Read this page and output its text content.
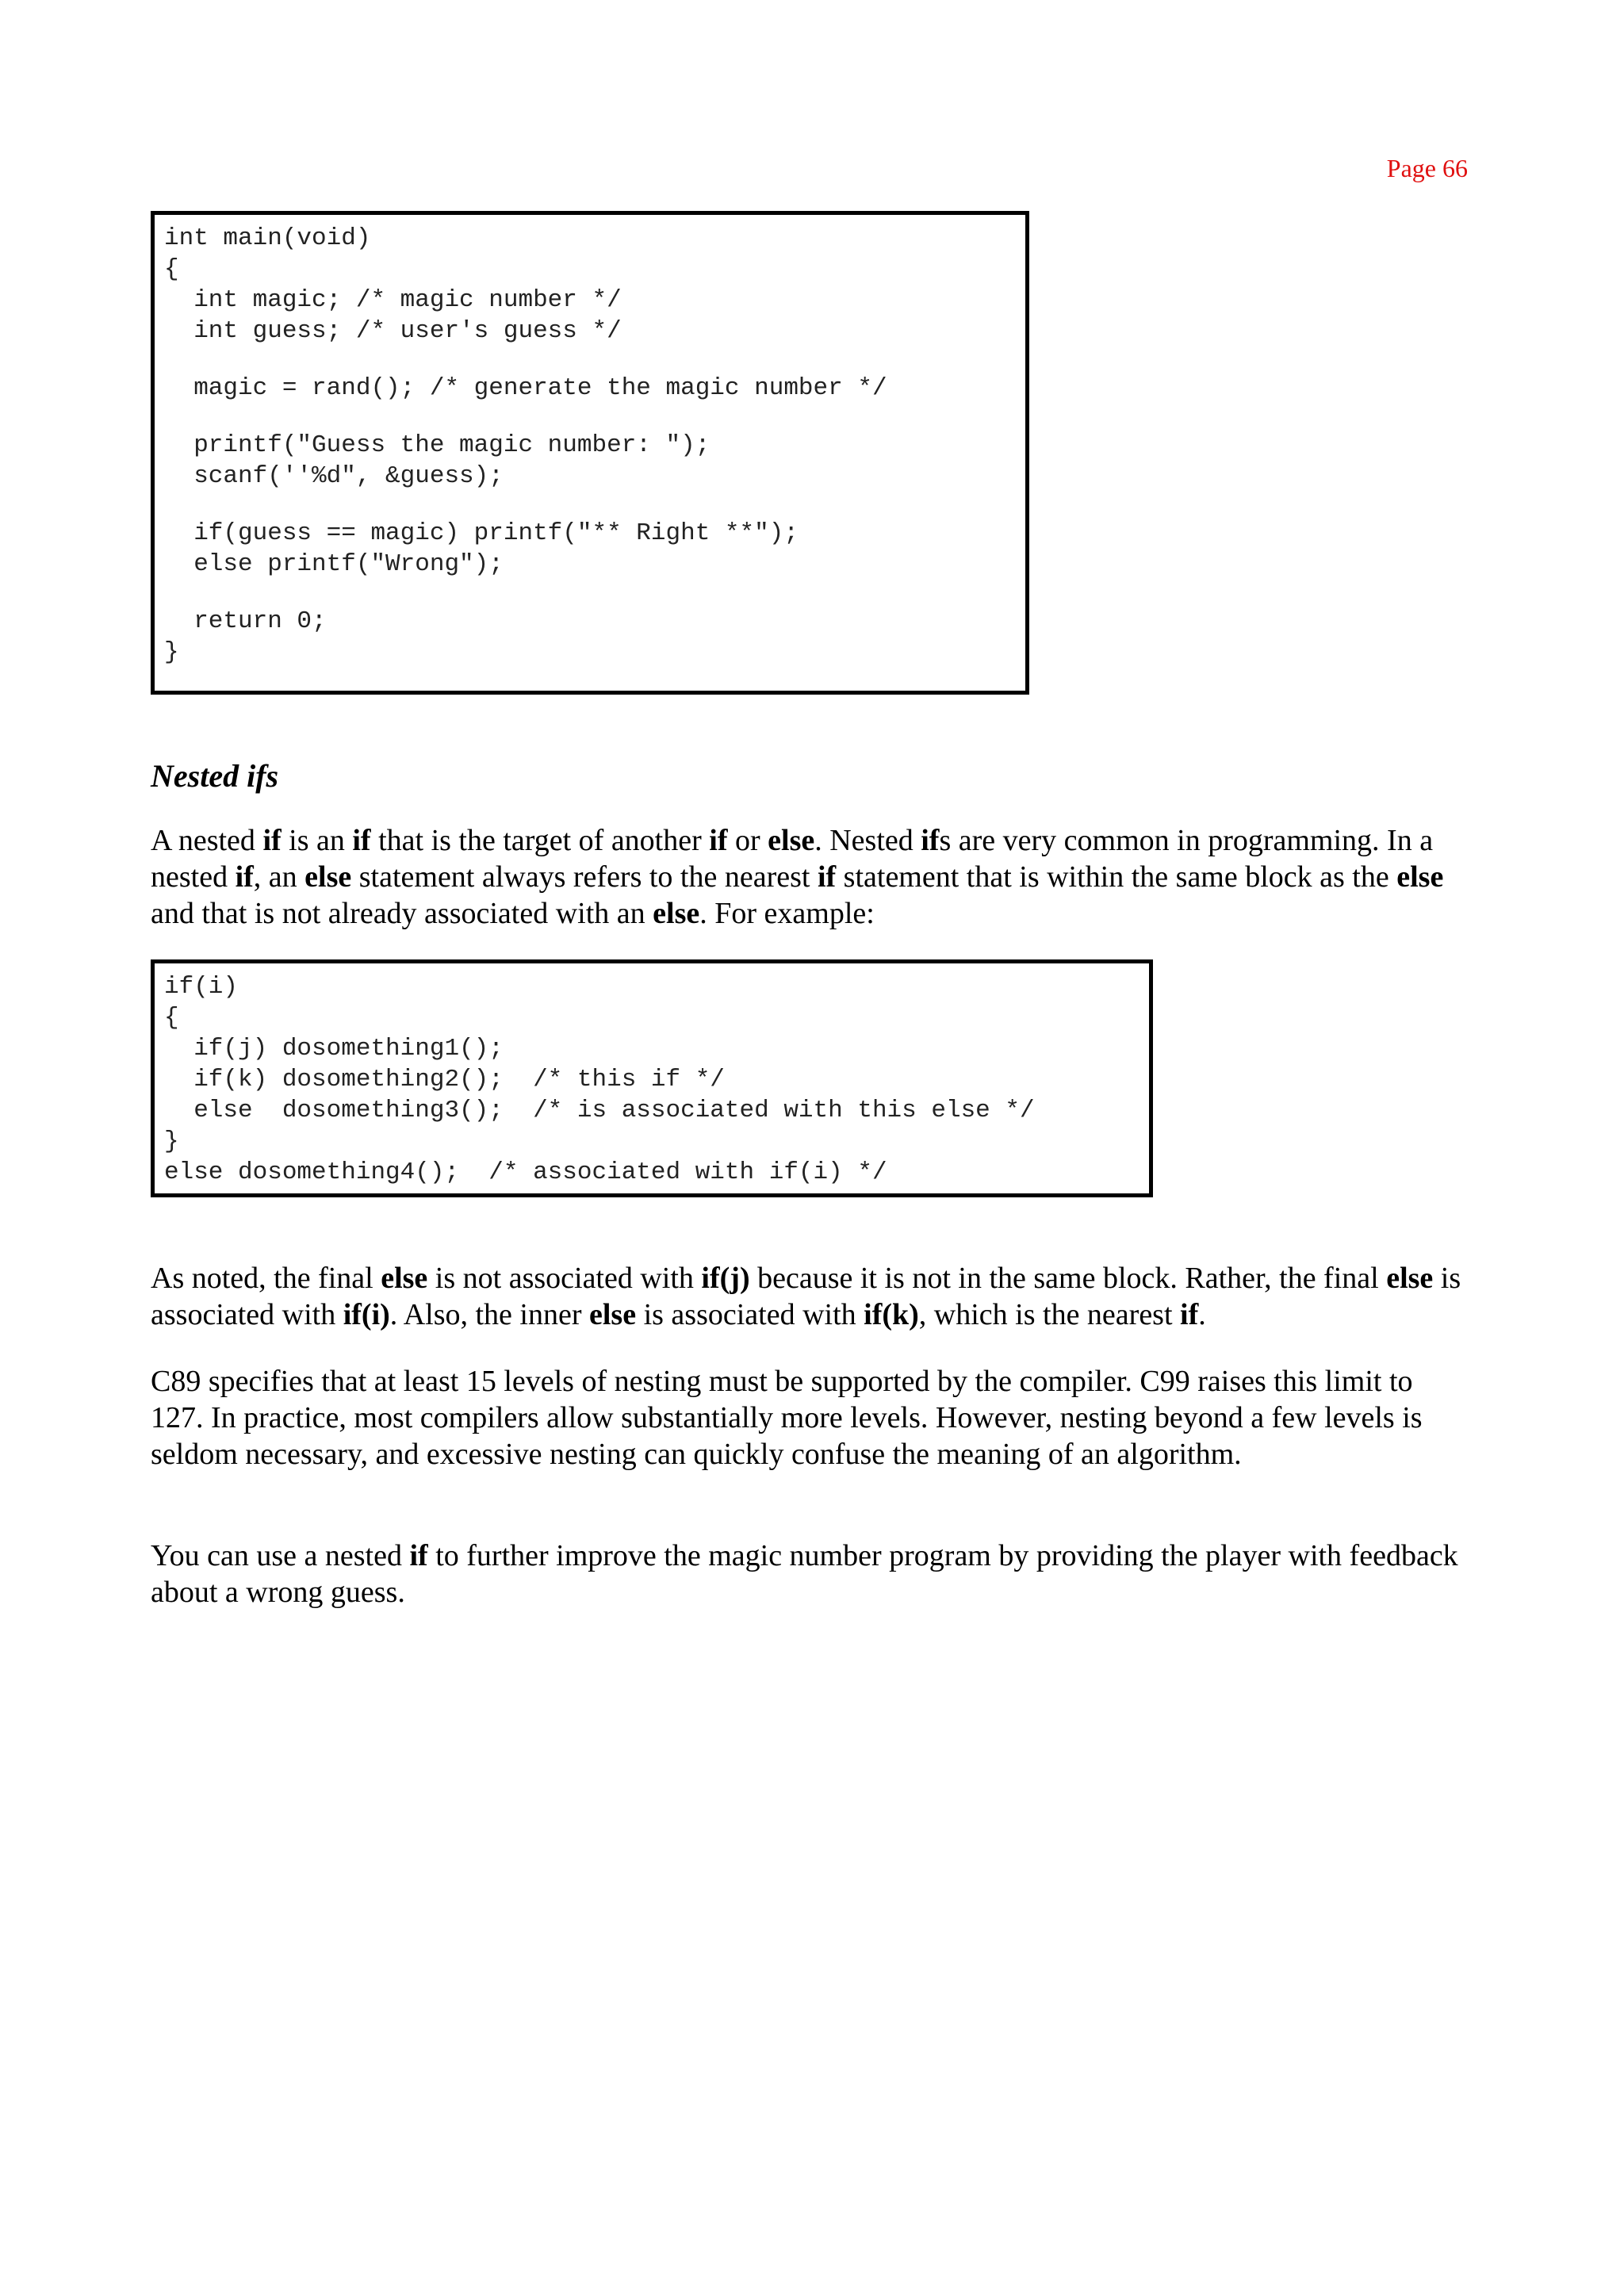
Page 66
int main(void)
{
int magic; /* magic number */
int guess; /* user's guess */
magic = rand(); /* generate the magic number */
printf("Guess the magic number: ");
scanf(''%d", &guess);
if(guess == magic) printf("** Right **");
else printf("Wrong");
return 0;
}
Nested ifs
A nested if is an if that is the target of another if or else. Nested ifs are very common in programming. In a nested if, an else statement always refers to the nearest if statement that is within the same block as the else and that is not already associated with an else. For example:
if(i)
{
if(j) dosomething1();
if(k) dosomething2();  /* this if */
else  dosomething3();  /* is associated with this else */
}
else dosomething4();  /* associated with if(i) */
As noted, the final else is not associated with if(j) because it is not in the same block. Rather, the final else is associated with if(i). Also, the inner else is associated with if(k), which is the nearest if.
C89 specifies that at least 15 levels of nesting must be supported by the compiler. C99 raises this limit to 127. In practice, most compilers allow substantially more levels. However, nesting beyond a few levels is seldom necessary, and excessive nesting can quickly confuse the meaning of an algorithm.
You can use a nested if to further improve the magic number program by providing the player with feedback about a wrong guess.
